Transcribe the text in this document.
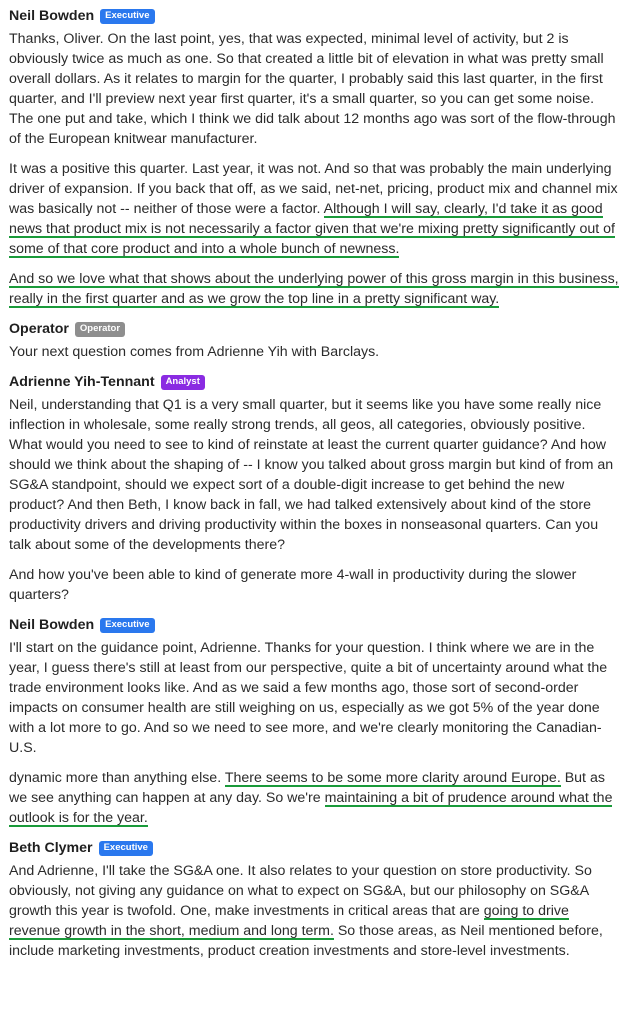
Neil Bowden	Executive

Thanks, Oliver. On the last point, yes, that was expected, minimal level of activity, but 2 is obviously twice as much as one. So that created a little bit of elevation in what was pretty small overall dollars. As it relates to margin for the quarter, I probably said this last quarter, in the first quarter, and I'll preview next year first quarter, it's a small quarter, so you can get some noise. The one put and take, which I think we did talk about 12 months ago was sort of the flow-through of the European knitwear manufacturer.

It was a positive this quarter. Last year, it was not. And so that was probably the main underlying driver of expansion. If you back that off, as we said, net-net, pricing, product mix and channel mix was basically not -- neither of those were a factor. Although I will say, clearly, I'd take it as good news that product mix is not necessarily a factor given that we're mixing pretty significantly out of some of that core product and into a whole bunch of newness.

And so we love what that shows about the underlying power of this gross margin in this business, really in the first quarter and as we grow the top line in a pretty significant way.

Operator	Operator

Your next question comes from Adrienne Yih with Barclays.

Adrienne Yih-Tennant	Analyst

Neil, understanding that Q1 is a very small quarter, but it seems like you have some really nice inflection in wholesale, some really strong trends, all geos, all categories, obviously positive. What would you need to see to kind of reinstate at least the current quarter guidance? And how should we think about the shaping of -- I know you talked about gross margin but kind of from an SG&A standpoint, should we expect sort of a double-digit increase to get behind the new product? And then Beth, I know back in fall, we had talked extensively about kind of the store productivity drivers and driving productivity within the boxes in nonseasonal quarters. Can you talk about some of the developments there?

And how you've been able to kind of generate more 4-wall in productivity during the slower quarters?

Neil Bowden	Executive

I'll start on the guidance point, Adrienne. Thanks for your question. I think where we are in the year, I guess there's still at least from our perspective, quite a bit of uncertainty around what the trade environment looks like. And as we said a few months ago, those sort of second-order impacts on consumer health are still weighing on us, especially as we got 5% of the year done with a lot more to go. And so we need to see more, and we're clearly monitoring the Canadian-U.S.

dynamic more than anything else. There seems to be some more clarity around Europe. But as we see anything can happen at any day. So we're maintaining a bit of prudence around what the outlook is for the year.

Beth Clymer	Executive

And Adrienne, I'll take the SG&A one. It also relates to your question on store productivity. So obviously, not giving any guidance on what to expect on SG&A, but our philosophy on SG&A growth this year is twofold. One, make investments in critical areas that are going to drive revenue growth in the short, medium and long term. So those areas, as Neil mentioned before, include marketing investments, product creation investments and store-level investments.
